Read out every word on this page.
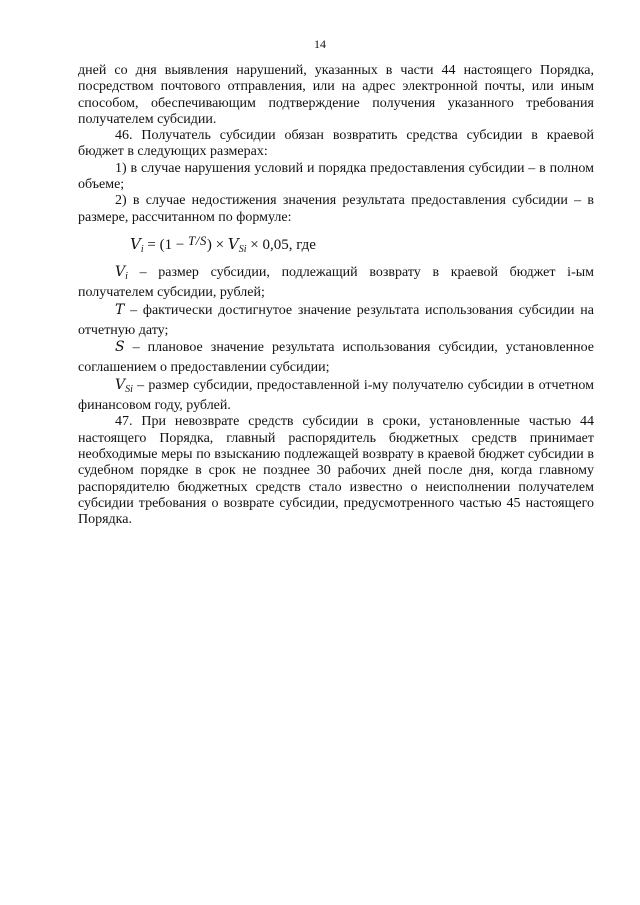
14

дней со дня выявления нарушений, указанных в части 44 настоящего Порядка, посредством почтового отправления, или на адрес электронной почты, или иным способом, обеспечивающим подтверждение получения указанного требования получателем субсидии.

46. Получатель субсидии обязан возвратить средства субсидии в краевой бюджет в следующих размерах:

1) в случае нарушения условий и порядка предоставления субсидии – в полном объеме;

2) в случае недостижения значения результата предоставления субсидии – в размере, рассчитанном по формуле:

$V_i = (1 - T/S) \times V_{Si} \times 0,05$, где

$V_i$ – размер субсидии, подлежащий возврату в краевой бюджет i-ым получателем субсидии, рублей;

T – фактически достигнутое значение результата использования субсидии на отчетную дату;

S – плановое значение результата использования субсидии, установленное соглашением о предоставлении субсидии;

$V_{Si}$ – размер субсидии, предоставленной i-му получателю субсидии в отчетном финансовом году, рублей.

47. При невозврате средств субсидии в сроки, установленные частью 44 настоящего Порядка, главный распорядитель бюджетных средств принимает необходимые меры по взысканию подлежащей возврату в краевой бюджет субсидии в судебном порядке в срок не позднее 30 рабочих дней после дня, когда главному распорядителю бюджетных средств стало известно о неисполнении получателем субсидии требования о возврате субсидии, предусмотренного частью 45 настоящего Порядка.
